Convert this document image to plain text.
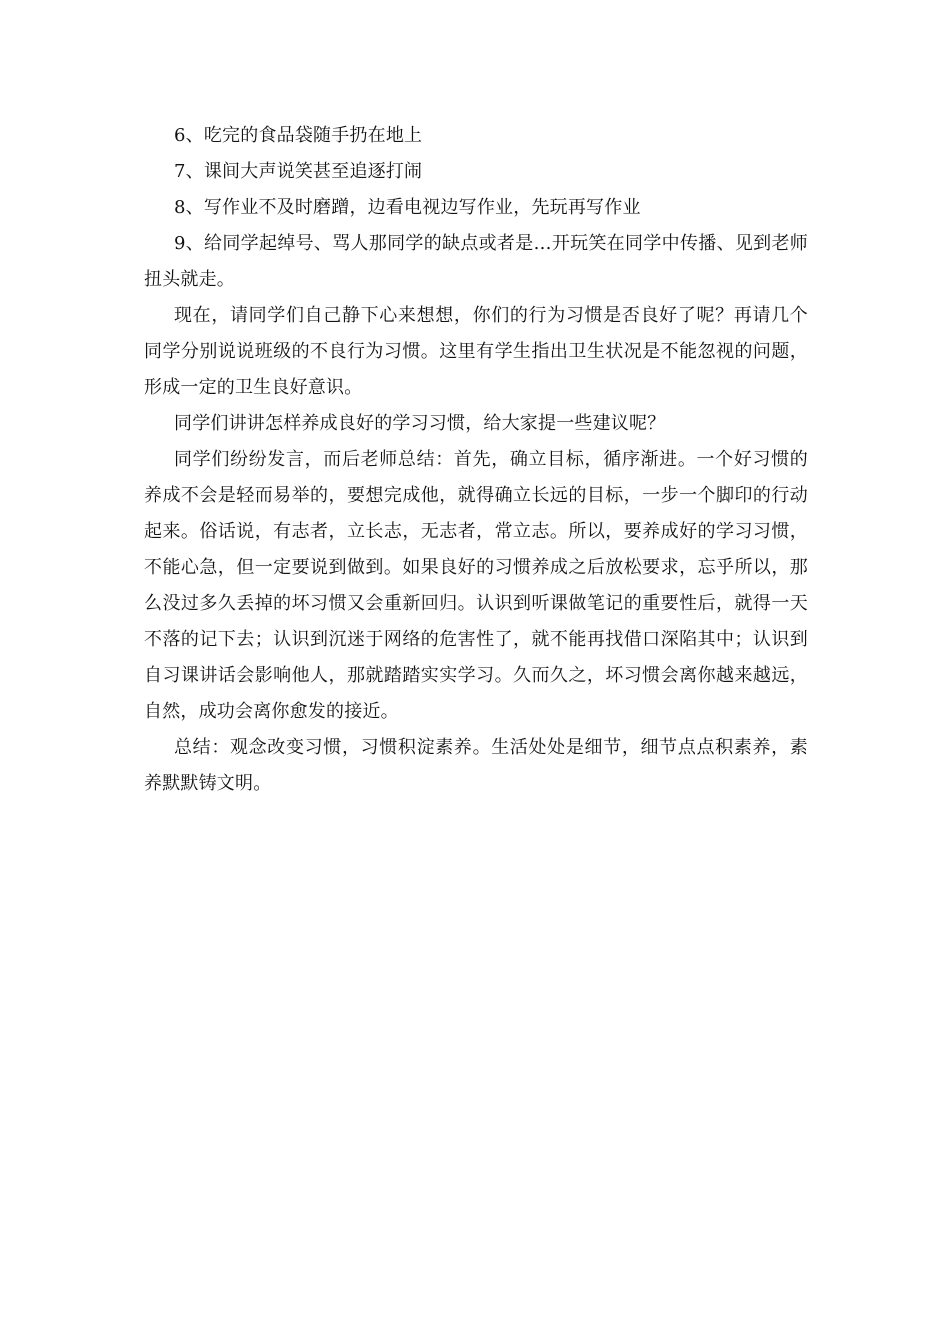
6、吃完的食品袋随手扔在地上

7、课间大声说笑甚至追逐打闹

8、写作业不及时磨蹭，边看电视边写作业，先玩再写作业

9、给同学起绰号、骂人那同学的缺点或者是…开玩笑在同学中传播、见到老师扭头就走。

现在，请同学们自己静下心来想想，你们的行为习惯是否良好了呢？再请几个同学分别说说班级的不良行为习惯。这里有学生指出卫生状况是不能忽视的问题，形成一定的卫生良好意识。

同学们讲讲怎样养成良好的学习习惯，给大家提一些建议呢？

同学们纷纷发言，而后老师总结：首先，确立目标，循序渐进。一个好习惯的养成不会是轻而易举的，要想完成他，就得确立长远的目标，一步一个脚印的行动起来。俗话说，有志者，立长志，无志者，常立志。所以，要养成好的学习习惯，不能心急，但一定要说到做到。如果良好的习惯养成之后放松要求，忘乎所以，那么没过多久丢掉的坏习惯又会重新回归。认识到听课做笔记的重要性后，就得一天不落的记下去；认识到沉迷于网络的危害性了，就不能再找借口深陷其中；认识到自习课讲话会影响他人，那就踏踏实实学习。久而久之，坏习惯会离你越来越远，自然，成功会离你愈发的接近。

总结：观念改变习惯，习惯积淀素养。生活处处是细节，细节点点积素养，素养默默铸文明。
